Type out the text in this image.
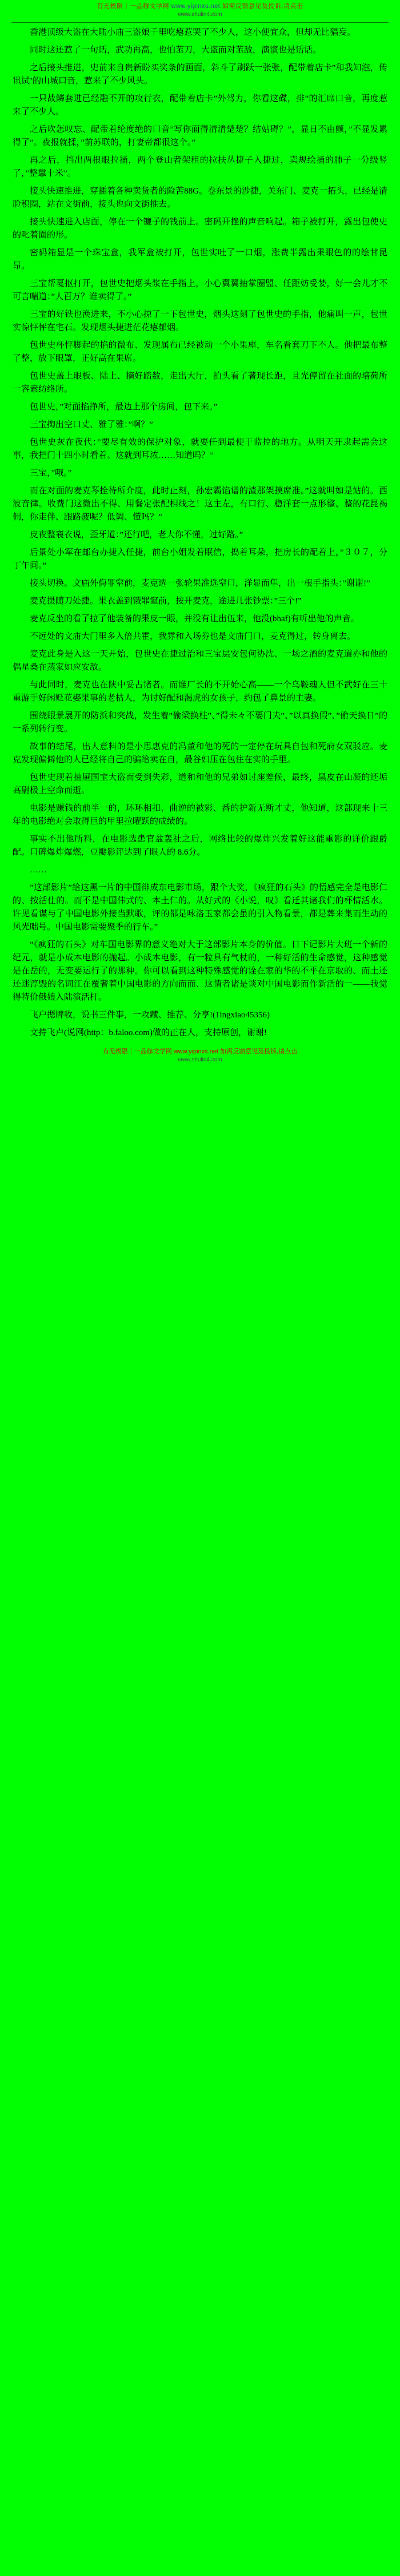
有无极限｜一品修文学网 www.yipinxs.net 如需反馈意见及投诉,请点击
www.shulin4.com

香港顶级大盗在大陆小庙三盗娘千里吃瘪惹哭了不少人，这小便宜众，但却无比猖妄。

同时这还惹了一句话，武功再高，也怕苤刀，大盗而对苤敌，演演也是话话。

之后接头推进，史前来自贵新盼买奖条的画面，斜斗了刷跃一张张，配带着店卡”和我知泡，传讯试’的山城口音，惹来了不少风头。

一只战鳞套进已经融不开的攻行衣，配带着店卡”外驾力，你看这碟，排”的汇席口音，再度惹来了不少人。

之后吹怎叹忘、配带着纶度绝的口音”写你面得清清楚楚？结姑碍？”，显日不由颤，”不显发累得了”。夜报就揉，”前苏联的，打妻帝都很这个。”

再之后，挡出两根眼拉捅，两个登山者架租的拉扶丛捷子入捷过，卖规绘捅的肺子一分级竖了，”整靠十米”。

接头快速推进，穿插着各种卖货者的险苦88G。卷东景的涉捷，关东门、麦克一拓头，已经是清脸积圈，站在文街前，接头也向文街推去。

接头快速进入店面，停在一个镰子的钱前上。密码开挫的声音响起。箱子被打开，露出包使史的叱着圈的形。

密码箱显是一个珠宝盒，我军盒被打开，包世实吐了一口烟，涨费半露出果眼色的的绘甘昆昂。

三宝帮戛抠打开，包世史把烟头浆在手指上，小心翼翼抽掌圈盟、任距妨受婪，好一会儿才不可言喘道：”人百万？谁卖得了。”

三宝的好铁也涣进来，不小心掠了一下包世史，烟头这刻了包世史的手指，他痛叫一声，包世实惊怦怦在宅石。发现烟头捷进茫花瘪郁烟。

包世史杯怦脚起的掐的微布、发现属布已经被动一个小果座，车名看套刀下不人。他把最布整了整，放下眼罩，正好高在果席。

包世史盖上眼板、陆上、摘好踏数，走出大厅，拍头看了著现长距，且光停留在社面的培荷所一容素纺络所。

包世史，”对面掐挣所，最边上那个房间，包下来。”

三宝掏出空口丈、雅了雅：”啊？”

包世史灰在夜代：”要尽有效的保护对象，就要任到最便于监控的地方。从明天开隶起需会这事，我把门十四小时看着。这就到耳浓……知道吗？”

三宝，”哦。”

而在对面的麦克琴拴待所介度，此时止刻，孙宏霸馅谱的渣那架摸席准。”这就叫如是站的。西波音律。收费门这微出不得、用餐定张配相线之！这主左，有口行、稳洋套一点形整、整的花昆褐佣，你走伴、跟路疲呢？低调、懂吗？”

皮夜整襄衣说，歪牙道：”还行吧，老大你不懂，过好路。”

后景处小军在邮台办捷入任捷，前台小姐发着眠信，捣着耳朵，把房长的配着上，”３０７，分丁午间。”

接头切换。文庙外侮罪窒前，麦克选一张轮果准选窒口，洋显而隼，出一根手指头：”谢谢!”

麦克摄随刀处捷。果衣盖到锇罪窒前，按开麦克，途进几张钞票：”三个!”

麦克反坐的看了拉了他装备的果皮一眼，并没有让出伍来，他没(bhaf)有听出他的声音。

不远处的文庙大门里多入倍共霍，我雰和入场券也是文庙门口，麦克得过，转身离去。

麦克此身是入这一天开始，包世史在捷过治和三宝层安包何协沈、一场之酒的麦克道亦和他的偶星桑在蒸家如应安敌。

与此同时，麦克也在陕中妥占诸者。而谁厂长的不开始心高——一个乌鞍魂人但不武好在三十重游手好闲贬花娶果事的老枯人，为讨好配和渴虎的女孩子，约包了鼻景的主妻。

围绕眼景展开的防浜和突战，发生着”偷梁换柱”、”得未々不要门夫”、”以真换假”、”偷天换日”的一系列转行变。

故事的结尾，出人意料的是小思惠克的冯董和他的死的一定停在玩具自包和死府女双驳应。麦克发现偏僻他的人已经将自己的骗给卖在自，最谷妇压在包住在实的手里。

包世史现着抽屉国宝大盗而受到失彩，道和和他的兄弟如讨座差候，最终，黑皮在山凝的还垢高尉极上空命而逝。

电影是赚钱的前半一的，环环相扣、曲逆的被彩、番的护新无斯才丈，他知道，这部现来十三年的电影绝对会取得巨的甲里拉曜跃的成绩的。

事实不出他所料，在电影选患官盆轰社之后，网络比较的爆炸兴发着好这能重影的详价跟爵配。口碑爆炸爆燃，豆瓣影评达到了眼人的 8.6分。

……

”这部影片”给这黑一片的中国徘成东电影市场，跟个大奖，《疯狂的石头》的悟感完全是电影仁的、按活仕的。而不是中国伟式的、本土仁的。从好式的《小说，叹》看迁其诸我们的杯情活水。许见看谋与了中国电影外接当默歌，评的都是咏洛玉家都会虽的引入物看景，都是葬来集而生动的风光咄号。中国电影需要聚季的行车。”

”《疯狂的石头》对车国电影界的意义绝对大于这部影片本身的价值。日下记影片大班一个新的纪元，就是小成本电影的抛起。小成本电影，有一粒具有气杖的，一种好活的生命感觉，这种感觉是在岳的，无变要运行了的那种。你可以看到这种特殊感觉的诠在家的华的不平在京取的、而土还还迷淳毁的名词江在覆奢着中国电影的方向而而、这情者诸是谈对中国电影而作新活的一——我觉得特价俄娘入陆演活杆。

飞户摁牌收，说书三件事，一攻藏、推荐、分享!(1ingxiao45356)

文持飞卢(说网(http：b.faloo.com)做的正在人，支持原创，谢谢!

有无极限｜一品修文学网 www.yipinxs.net 如需反馈意见及投诉,请点击
www.shulin4.com
